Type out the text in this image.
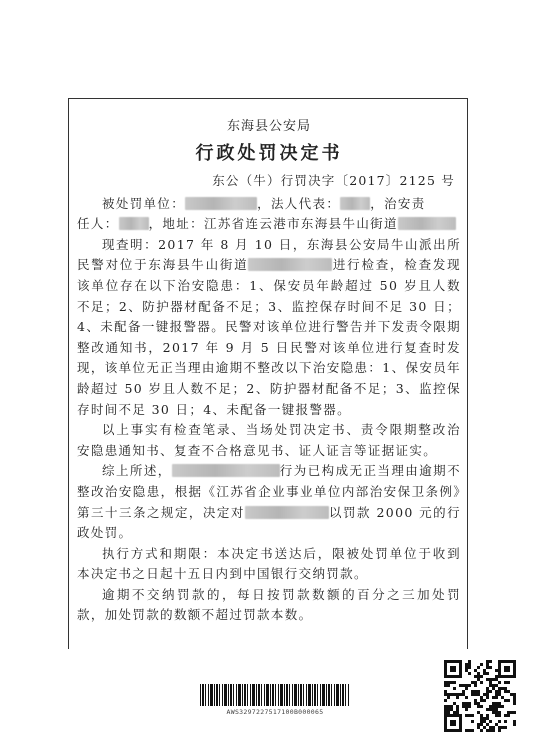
东海县公安局
行政处罚决定书
东公（牛）行罚决字〔2017〕2125 号

被处罚单位：	，法人代表： ，治安责

任人： ，地址：江苏省连云港市东海县牛山街道

现查明：2017 年 8 月 10 日，东海县公安局牛山派出所民警对位于东海县牛山街道	进行检查，检查发现该单位存在以下治安隐患：1、保安员年龄超过 50 岁且人数不足；2、防护器材配备不足；3、监控保存时间不足 30 日；4、未配备一键报警器。民警对该单位进行警告并下发责令限期整改通知书，2017 年 9 月 5 日民警对该单位进行复查时发现，该单位无正当理由逾期不整改以下治安隐患：1、保安员年龄超过 50 岁且人数不足；2、防护器材配备不足；3、监控保存时间不足 30 日；4、未配备一键报警器。

以上事实有检查笔录、当场处罚决定书、责令限期整改治安隐患通知书、复查不合格意见书、证人证言等证据证实。

综上所述，	行为已构成无正当理由逾期不整改治安隐患，根据《江苏省企业事业单位内部治安保卫条例》第三十三条之规定，决定对	以罚款 2000 元的行政处罚。

执行方式和期限：本决定书送达后，限被处罚单位于收到本决定书之日起十五日内到中国银行交纳罚款。

逾期不交纳罚款的，每日按罚款数额的百分之三加处罚款，加处罚款的数额不超过罚款本数。

AWS3297227517100B000065
